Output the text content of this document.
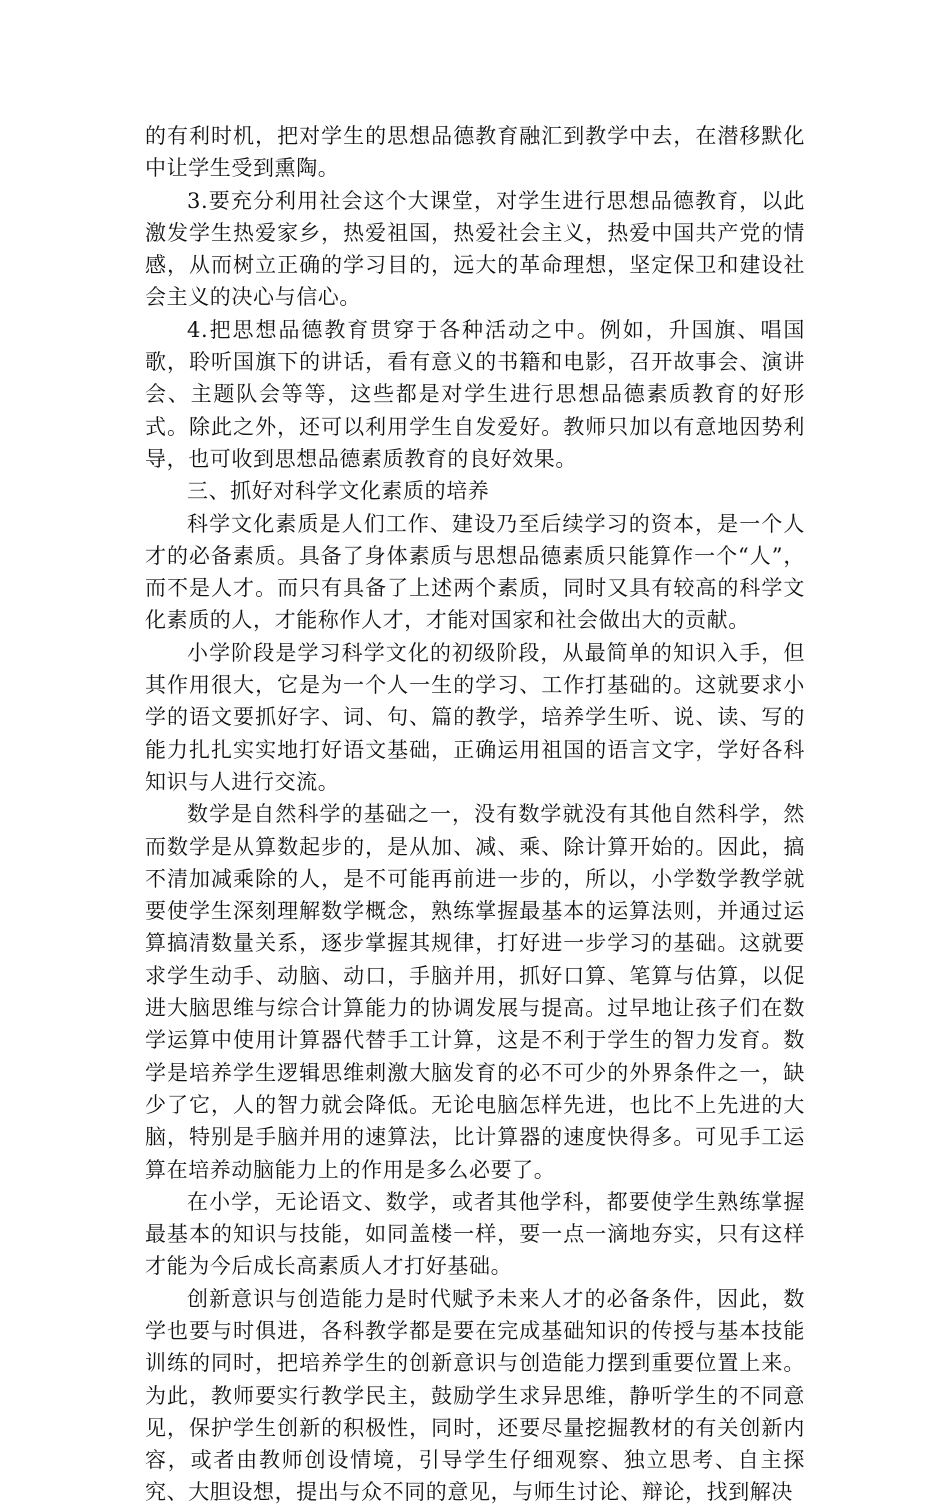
的有利时机，把对学生的思想品德教育融汇到教学中去，在潜移默化中让学生受到熏陶。

3.要充分利用社会这个大课堂，对学生进行思想品德教育，以此激发学生热爱家乡，热爱祖国，热爱社会主义，热爱中国共产党的情感，从而树立正确的学习目的，远大的革命理想，坚定保卫和建设社会主义的决心与信心。

4.把思想品德教育贯穿于各种活动之中。例如，升国旗、唱国歌，聆听国旗下的讲话，看有意义的书籍和电影，召开故事会、演讲会、主题队会等等，这些都是对学生进行思想品德素质教育的好形式。除此之外，还可以利用学生自发爱好。教师只加以有意地因势利导，也可收到思想品德素质教育的良好效果。

三、抓好对科学文化素质的培养

科学文化素质是人们工作、建设乃至后续学习的资本，是一个人才的必备素质。具备了身体素质与思想品德素质只能算作一个“人”，而不是人才。而只有具备了上述两个素质，同时又具有较高的科学文化素质的人，才能称作人才，才能对国家和社会做出大的贡献。

小学阶段是学习科学文化的初级阶段，从最简单的知识入手，但其作用很大，它是为一个人一生的学习、工作打基础的。这就要求小学的语文要抓好字、词、句、篇的教学，培养学生听、说、读、写的能力扎扎实实地打好语文基础，正确运用祖国的语言文字，学好各科知识与人进行交流。

数学是自然科学的基础之一，没有数学就没有其他自然科学，然而数学是从算数起步的，是从加、减、乘、除计算开始的。因此，搞不清加减乘除的人，是不可能再前进一步的，所以，小学数学教学就要使学生深刻理解数学概念，熟练掌握最基本的运算法则，并通过运算搞清数量关系，逐步掌握其规律，打好进一步学习的基础。这就要求学生动手、动脑、动口，手脑并用，抓好口算、笔算与估算，以促进大脑思维与综合计算能力的协调发展与提高。过早地让孩子们在数学运算中使用计算器代替手工计算，这是不利于学生的智力发育。数学是培养学生逻辑思维刺激大脑发育的必不可少的外界条件之一，缺少了它，人的智力就会降低。无论电脑怎样先进，也比不上先进的大脑，特别是手脑并用的速算法，比计算器的速度快得多。可见手工运算在培养动脑能力上的作用是多么必要了。

在小学，无论语文、数学，或者其他学科，都要使学生熟练掌握最基本的知识与技能，如同盖楼一样，要一点一滴地夯实，只有这样才能为今后成长高素质人才打好基础。

创新意识与创造能力是时代赋予未来人才的必备条件，因此，数学也要与时俱进，各科教学都是要在完成基础知识的传授与基本技能训练的同时，把培养学生的创新意识与创造能力摆到重要位置上来。为此，教师要实行教学民主，鼓励学生求异思维，静听学生的不同意见，保护学生创新的积极性，同时，还要尽量挖掘教材的有关创新内容，或者由教师创设情境，引导学生仔细观察、独立思考、自主探究、大胆设想，提出与众不同的意见，与师生讨论、辩论，找到解决
